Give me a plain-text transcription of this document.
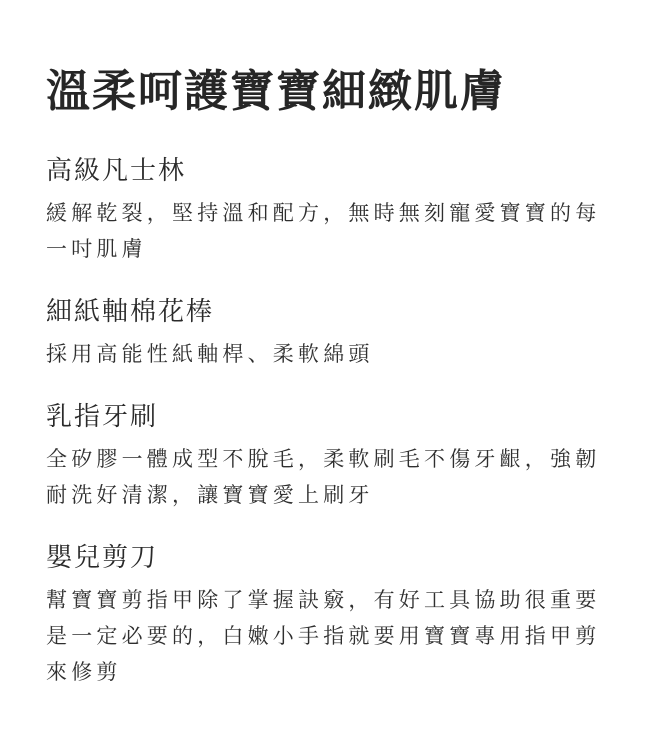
溫柔呵護寶寶細緻肌膚
高級凡士林

緩解乾裂，堅持溫和配方，無時無刻寵愛寶寶的每一吋肌膚

細紙軸棉花棒

採用高能性紙軸桿、柔軟綿頭

乳指牙刷

全矽膠一體成型不脫毛，柔軟刷毛不傷牙齦，強韌耐洗好清潔，讓寶寶愛上刷牙

嬰兒剪刀

幫寶寶剪指甲除了掌握訣竅，有好工具協助很重要是一定必要的，白嫩小手指就要用寶寶專用指甲剪來修剪
